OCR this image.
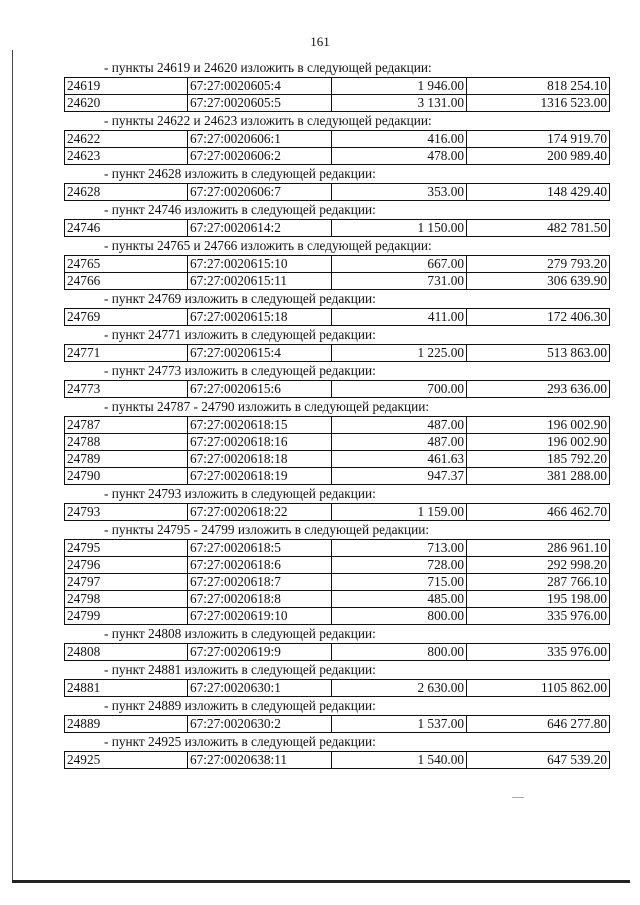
161
- пункты 24619 и 24620 изложить в следующей редакции:
24619	67:27:0020605:4	1 946.00	818 254.10
24620	67:27:0020605:5	3 131.00	1316 523.00
- пункты 24622 и 24623 изложить в следующей редакции:
24622	67:27:0020606:1	416.00	174 919.70
24623	67:27:0020606:2	478.00	200 989.40
- пункт 24628 изложить в следующей редакции:
24628	67:27:0020606:7	353.00	148 429.40
- пункт 24746 изложить в следующей редакции:
24746	67:27:0020614:2	1 150.00	482 781.50
- пункты 24765 и 24766 изложить в следующей редакции:
24765	67:27:0020615:10	667.00	279 793.20
24766	67:27:0020615:11	731.00	306 639.90
- пункт 24769 изложить в следующей редакции:
24769	67:27:0020615:18	411.00	172 406.30
- пункт 24771 изложить в следующей редакции:
24771	67:27:0020615:4	1 225.00	513 863.00
- пункт 24773 изложить в следующей редакции:
24773	67:27:0020615:6	700.00	293 636.00
- пункты 24787 - 24790 изложить в следующей редакции:
24787	67:27:0020618:15	487.00	196 002.90
24788	67:27:0020618:16	487.00	196 002.90
24789	67:27:0020618:18	461.63	185 792.20
24790	67:27:0020618:19	947.37	381 288.00
- пункт 24793 изложить в следующей редакции:
24793	67:27:0020618:22	1 159.00	466 462.70
- пункты 24795 - 24799 изложить в следующей редакции:
24795	67:27:0020618:5	713.00	286 961.10
24796	67:27:0020618:6	728.00	292 998.20
24797	67:27:0020618:7	715.00	287 766.10
24798	67:27:0020618:8	485.00	195 198.00
24799	67:27:0020619:10	800.00	335 976.00
- пункт 24808 изложить в следующей редакции:
24808	67:27:0020619:9	800.00	335 976.00
- пункт 24881 изложить в следующей редакции:
24881	67:27:0020630:1	2 630.00	1105 862.00
- пункт 24889 изложить в следующей редакции:
24889	67:27:0020630:2	1 537.00	646 277.80
- пункт 24925 изложить в следующей редакции:
24925	67:27:0020638:11	1 540.00	647 539.20
